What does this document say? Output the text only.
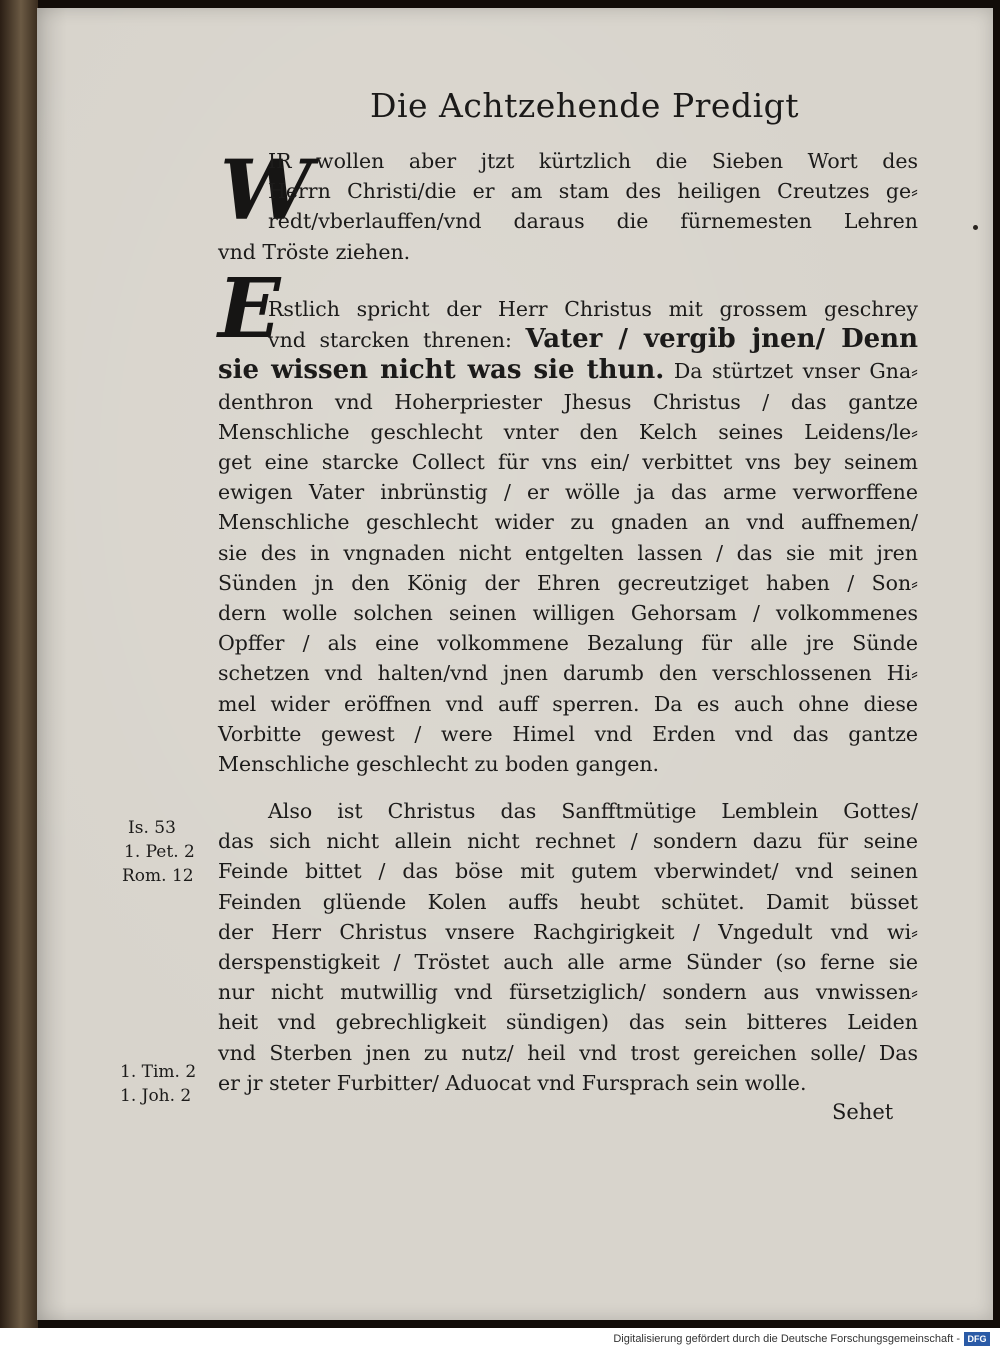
Die Achtzehende Predigt
W
IR wollen aber jtzt kürtzlich die Sieben Wort des
Herrn Christi/die er am stam des heiligen Creutzes ge⸗
redt/vberlauffen/vnd daraus die fürnemesten Lehren
vnd Tröste ziehen.
E
Rstlich spricht der Herr Christus mit grossem geschrey
vnd starcken threnen: Vater / vergib jnen/ Denn
sie wissen nicht was sie thun. Da stürtzet vnser Gna⸗
denthron vnd Hoherpriester Jhesus Christus / das gantze
Menschliche geschlecht vnter den Kelch seines Leidens/le⸗
get eine starcke Collect für vns ein/ verbittet vns bey seinem
ewigen Vater inbrünstig / er wölle ja das arme verworffene
Menschliche geschlecht wider zu gnaden an vnd auffnemen/
sie des in vngnaden nicht entgelten lassen / das sie mit jren
Sünden jn den König der Ehren gecreutziget haben / Son⸗
dern wolle solchen seinen willigen Gehorsam / volkommenes
Opffer / als eine volkommene Bezalung für alle jre Sünde
schetzen vnd halten/vnd jnen darumb den verschlossenen Hi⸗
mel wider eröffnen vnd auff sperren. Da es auch ohne diese
Vorbitte gewest / were Himel vnd Erden vnd das gantze
Menschliche geschlecht zu boden gangen.
Also ist Christus das Sanfftmütige Lemblein Gottes/
das sich nicht allein nicht rechnet / sondern dazu für seine
Feinde bittet / das böse mit gutem vberwindet/ vnd seinen
Feinden glüende Kolen auffs heubt schütet. Damit büsset
der Herr Christus vnsere Rachgirigkeit / Vngedult vnd wi⸗
derspenstigkeit / Tröstet auch alle arme Sünder (so ferne sie
nur nicht mutwillig vnd fürsetziglich/ sondern aus vnwissen⸗
heit vnd gebrechligkeit sündigen) das sein bitteres Leiden
vnd Sterben jnen zu nutz/ heil vnd trost gereichen solle/ Das
er jr steter Furbitter/ Aduocat vnd Fursprach sein wolle.
Sehet
Is. 53
1. Pet. 2
Rom. 12
1. Tim. 2
1. Joh. 2
Digitalisierung gefördert durch die Deutsche Forschungsgemeinschaft - DFG
